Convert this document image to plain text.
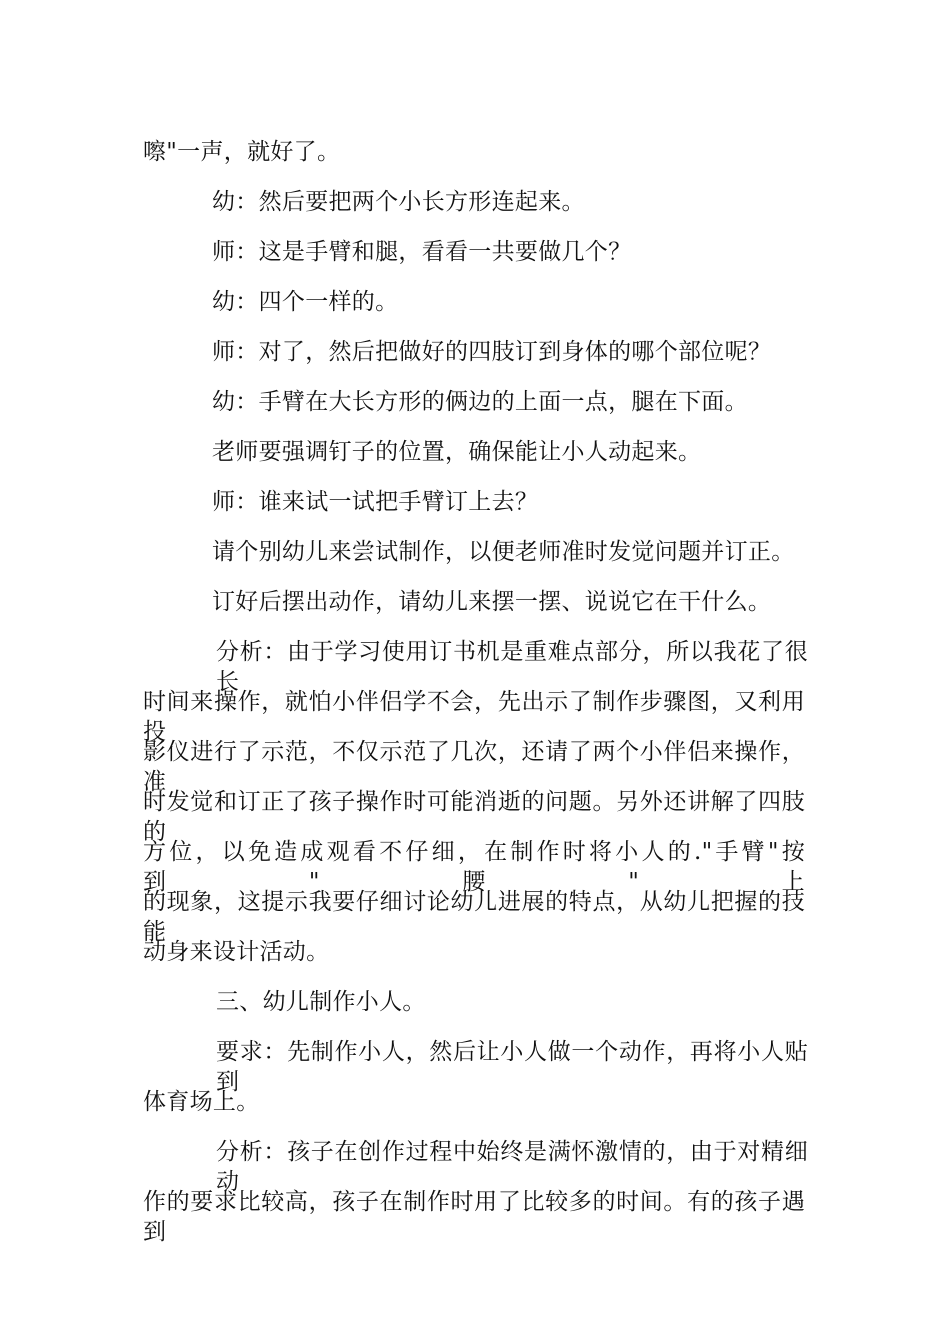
嚓"一声，就好了。
幼：然后要把两个小长方形连起来。
师：这是手臂和腿，看看一共要做几个？
幼：四个一样的。
师：对了，然后把做好的四肢订到身体的哪个部位呢？
幼：手臂在大长方形的俩边的上面一点，腿在下面。
老师要强调钉子的位置，确保能让小人动起来。
师：谁来试一试把手臂订上去？
请个别幼儿来尝试制作，以便老师准时发觉问题并订正。
订好后摆出动作，请幼儿来摆一摆、说说它在干什么。
分析：由于学习使用订书机是重难点部分，所以我花了很长
时间来操作，就怕小伴侣学不会，先出示了制作步骤图，又利用投
影仪进行了示范，不仅示范了几次，还请了两个小伴侣来操作，准
时发觉和订正了孩子操作时可能消逝的问题。另外还讲解了四肢的
方位，以免造成观看不仔细，在制作时将小人的."手臂"按到"腰"上
的现象，这提示我要仔细讨论幼儿进展的特点，从幼儿把握的技能
动身来设计活动。
三、幼儿制作小人。
要求：先制作小人，然后让小人做一个动作，再将小人贴到
体育场上。
分析：孩子在创作过程中始终是满怀激情的，由于对精细动
作的要求比较高，孩子在制作时用了比较多的时间。有的孩子遇到
